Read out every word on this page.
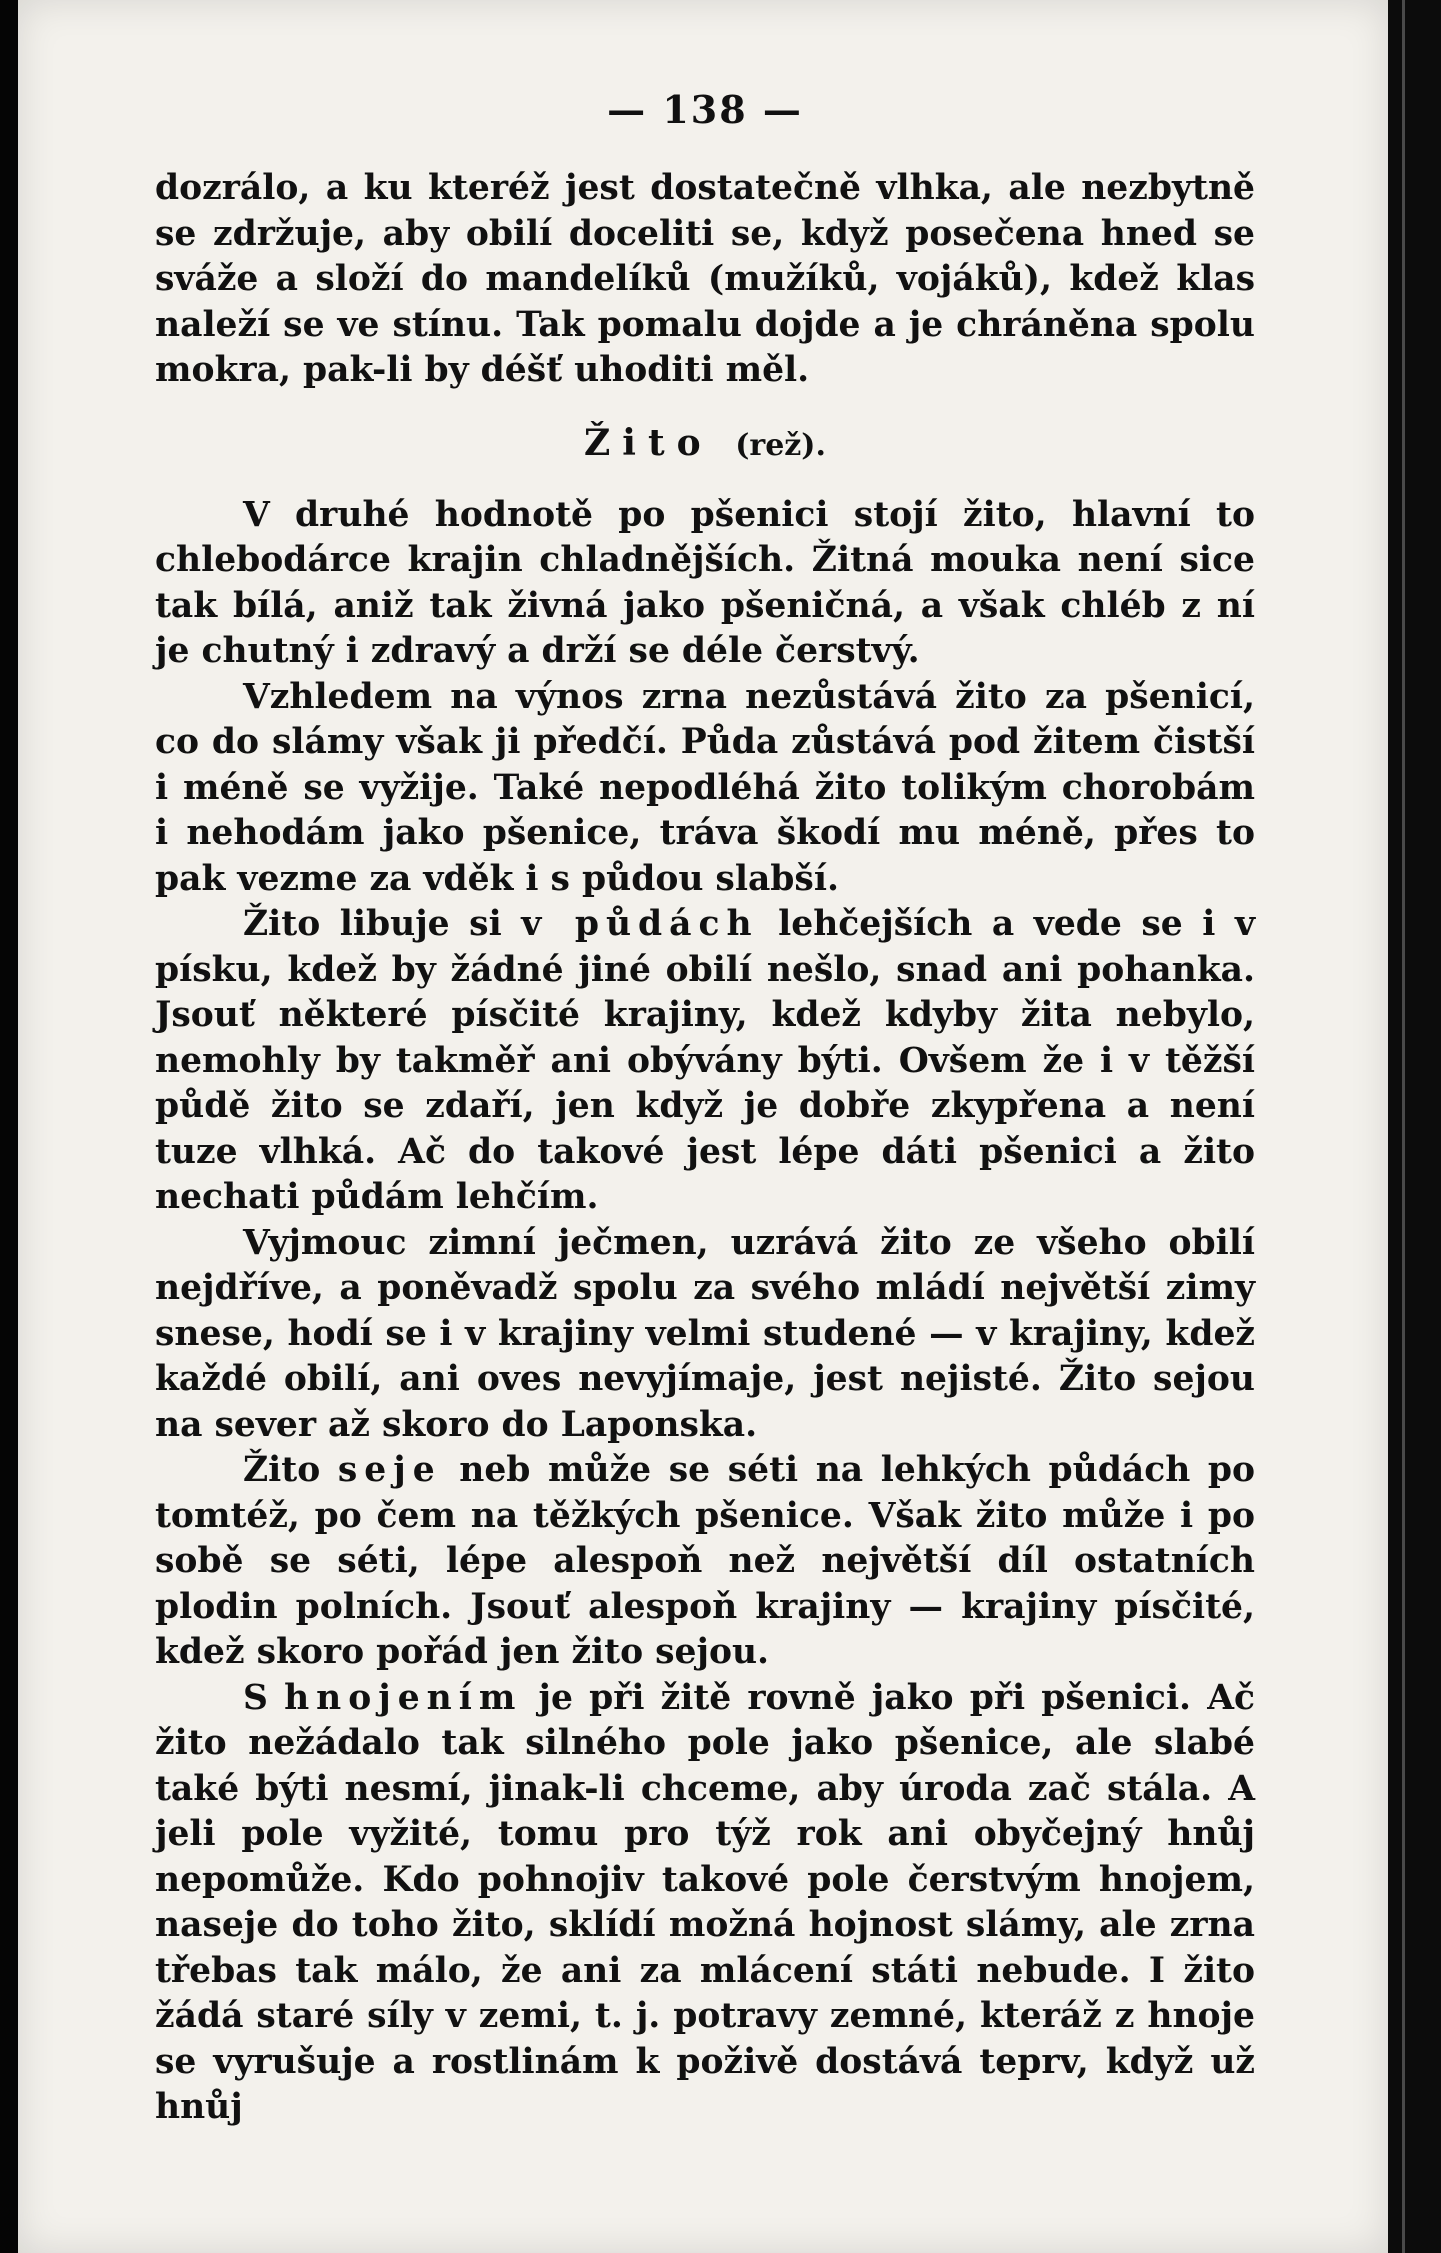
— 138 —

dozrálo, a ku kteréž jest dostatečně vlhka, ale nezbytně se zdržuje, aby obilí doceliti se, když posečena hned se sváže a složí do mandelíků (mužíků, vojáků), kdež klas naleží se ve stínu. Tak pomalu dojde a je chráněna spolu mokra, pak-li by déšť uhoditi měl.

Žito (rež).

V druhé hodnotě po pšenici stojí žito, hlavní to chlebodárce krajin chladnějších. Žitná mouka není sice tak bílá, aniž tak živná jako pšeničná, a však chléb z ní je chutný i zdravý a drží se déle čerstvý.

Vzhledem na výnos zrna nezůstává žito za pšenicí, co do slámy však ji předčí. Půda zůstává pod žitem čistší i méně se vyžije. Také nepodléhá žito tolikým chorobám i nehodám jako pšenice, tráva škodí mu méně, přes to pak vezme za vděk i s půdou slabší.

Žito libuje si v půdách lehčejších a vede se i v písku, kdež by žádné jiné obilí nešlo, snad ani pohanka. Jsouť některé písčité krajiny, kdež kdyby žita nebylo, nemohly by takměř ani obývány býti. Ovšem že i v těžší půdě žito se zdaří, jen když je dobře zkypřena a není tuze vlhká. Ač do takové jest lépe dáti pšenici a žito nechati půdám lehčím.

Vyjmouc zimní ječmen, uzrává žito ze všeho obilí nejdříve, a poněvadž spolu za svého mládí největší zimy snese, hodí se i v krajiny velmi studené — v krajiny, kdež každé obilí, ani oves nevyjímaje, jest nejisté. Žito sejou na sever až skoro do Laponska.

Žito seje neb může se séti na lehkých půdách po tomtéž, po čem na těžkých pšenice. Však žito může i po sobě se séti, lépe alespoň než největší díl ostatních plodin polních. Jsouť alespoň krajiny — krajiny písčité, kdež skoro pořád jen žito sejou.

S hnojením je při žitě rovně jako při pšenici. Ač žito nežádalo tak silného pole jako pšenice, ale slabé také býti nesmí, jinak-li chceme, aby úroda zač stála. A jeli pole vyžité, tomu pro týž rok ani obyčejný hnůj nepomůže. Kdo pohnojiv takové pole čerstvým hnojem, naseje do toho žito, sklídí možná hojnost slámy, ale zrna třebas tak málo, že ani za mlácení státi nebude. I žito žádá staré síly v zemi, t. j. potravy zemné, kteráž z hnoje se vyrušuje a rostlinám k poživě dostává teprv, když už hnůj
